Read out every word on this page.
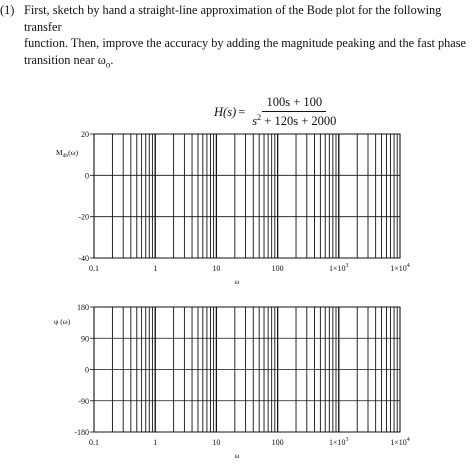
(1) First, sketch by hand a straight-line approximation of the Bode plot for the following transfer
function. Then, improve the accuracy by adding the magnitude peaking and the fast phase
transition near $\omega_o$.
$H(s) = \frac{100s + 100}{s^2 + 120s + 2000}$
20
0
-20
-40
0.1	1	10	100	$1\times 10^3$	$1\times 10^4$
ω
$M_{db}(\omega)$
180
90
0
-90
-180
0.1	1	10	100	$1\times 10^3$	$1\times 10^4$
ω
φ (ω)
